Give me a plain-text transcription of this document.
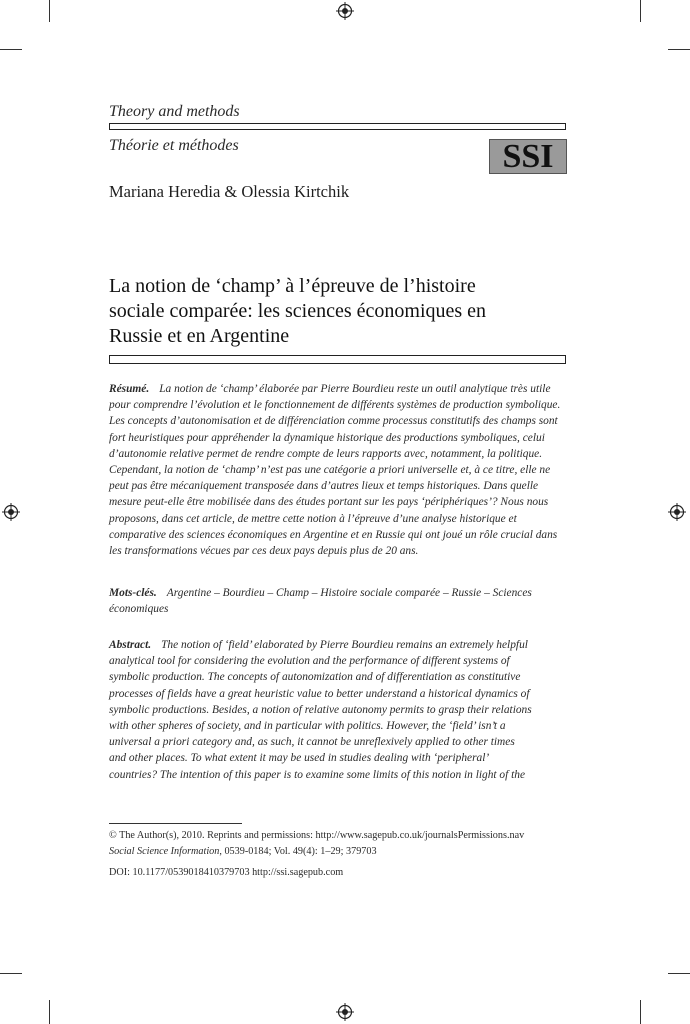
Theory and methods
Théorie et méthodes	SSI
Mariana Heredia & Olessia Kirtchik
La notion de ‘champ’ à l’épreuve de l’histoire
sociale comparée: les sciences économiques en
Russie et en Argentine
Résumé. La notion de ‘champ’ élaborée par Pierre Bourdieu reste un outil analytique très utile
pour comprendre l’évolution et le fonctionnement de différents systèmes de production symbolique.
Les concepts d’autonomisation et de différenciation comme processus constitutifs des champs sont
fort heuristiques pour appréhender la dynamique historique des productions symboliques, celui
d’autonomie relative permet de rendre compte de leurs rapports avec, notamment, la politique.
Cependant, la notion de ‘champ’ n’est pas une catégorie a priori universelle et, à ce titre, elle ne
peut pas être mécaniquement transposée dans d’autres lieux et temps historiques. Dans quelle
mesure peut-elle être mobilisée dans des études portant sur les pays ‘périphériques’? Nous nous
proposons, dans cet article, de mettre cette notion à l’épreuve d’une analyse historique et
comparative des sciences économiques en Argentine et en Russie qui ont joué un rôle crucial dans
les transformations vécues par ces deux pays depuis plus de 20 ans.
Mots-clés. Argentine – Bourdieu – Champ – Histoire sociale comparée – Russie – Sciences
économiques
Abstract. The notion of ‘field’ elaborated by Pierre Bourdieu remains an extremely helpful
analytical tool for considering the evolution and the performance of different systems of
symbolic production. The concepts of autonomization and of differentiation as constitutive
processes of fields have a great heuristic value to better understand a historical dynamics of
symbolic productions. Besides, a notion of relative autonomy permits to grasp their relations
with other spheres of society, and in particular with politics. However, the ‘field’ isn’t a
universal a priori category and, as such, it cannot be unreflexively applied to other times
and other places. To what extent it may be used in studies dealing with ‘peripheral’
countries? The intention of this paper is to examine some limits of this notion in light of the
© The Author(s), 2010. Reprints and permissions: http://www.sagepub.co.uk/journalsPermissions.nav
Social Science Information, 0539-0184; Vol. 49(4): 1–29; 379703
DOI: 10.1177/0539018410379703 http://ssi.sagepub.com
